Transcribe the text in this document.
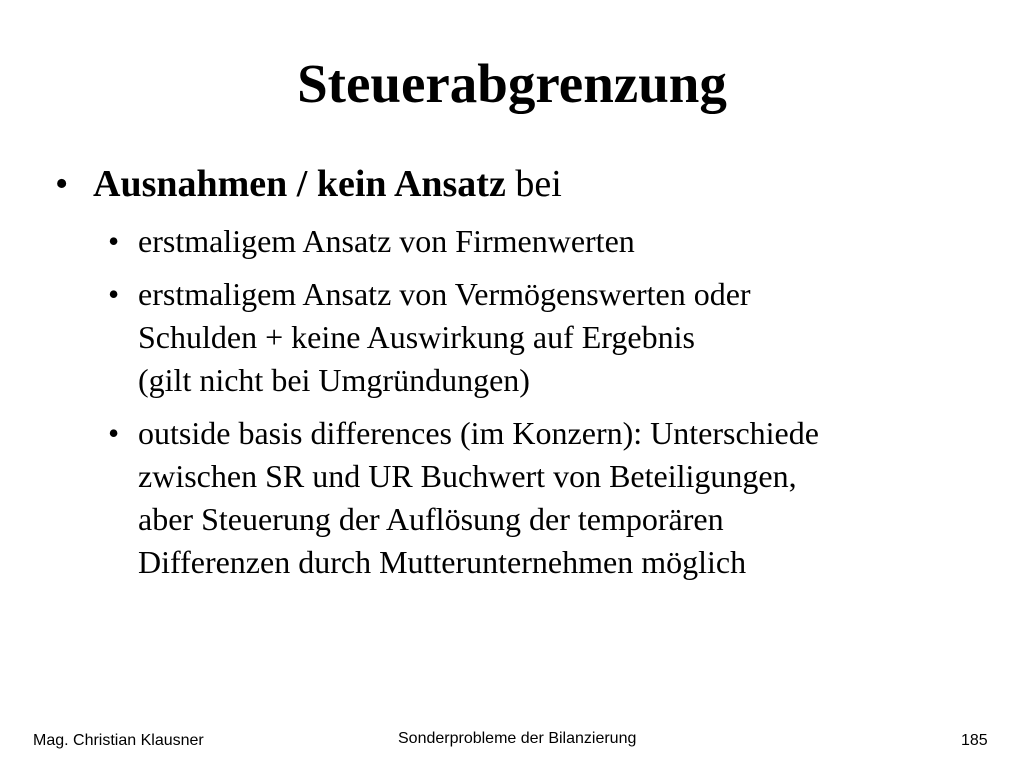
Steuerabgrenzung
• Ausnahmen / kein Ansatz bei
• erstmaligem Ansatz von Firmenwerten
• erstmaligem Ansatz von Vermögenswerten oder
Schulden + keine Auswirkung auf Ergebnis
(gilt nicht bei Umgründungen)
• outside basis differences (im Konzern): Unterschiede
zwischen SR und UR Buchwert von Beteiligungen,
aber Steuerung der Auflösung der temporären
Differenzen durch Mutterunternehmen möglich
Mag. Christian Klausner	Sonderprobleme der Bilanzierung	185
